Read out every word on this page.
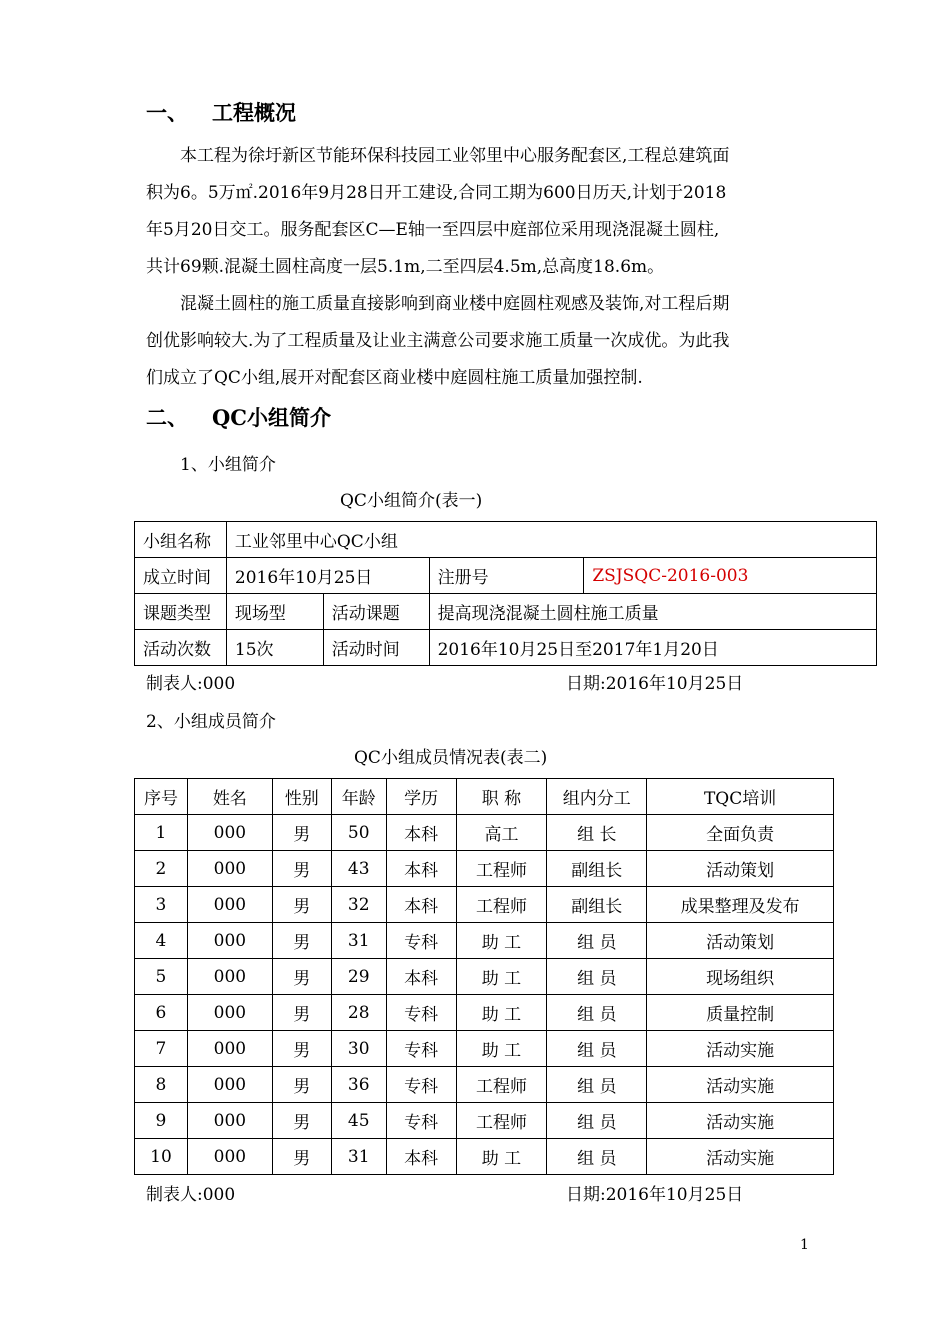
一、 工程概况
本工程为徐圩新区节能环保科技园工业邻里中心服务配套区,工程总建筑面
积为6。5万㎡.2016年9月28日开工建设,合同工期为600日历天,计划于2018
年5月20日交工。服务配套区C—E轴一至四层中庭部位采用现浇混凝土圆柱,
共计69颗.混凝土圆柱高度一层5.1m,二至四层4.5m,总高度18.6m。
混凝土圆柱的施工质量直接影响到商业楼中庭圆柱观感及装饰,对工程后期
创优影响较大.为了工程质量及让业主满意公司要求施工质量一次成优。为此我
们成立了QC小组,展开对配套区商业楼中庭圆柱施工质量加强控制.
二、 QC小组简介
1、小组简介
QC小组简介(表一)
小组名称	工业邻里中心QC小组			
成立时间	2016年10月25日		注册号	ZSJSQC-2016-003
课题类型	现场型	活动课题	提高现浇混凝土圆柱施工质量	
活动次数	15次	活动时间	2016年10月25日至2017年1月20日	
制表人:000	日期:2016年10月25日
2、小组成员简介
QC小组成员情况表(表二)
序号	姓名	性别	年龄	学历	职 称	组内分工	TQC培训
1	000	男	50	本科	高工	组 长	全面负责
2	000	男	43	本科	工程师	副组长	活动策划
3	000	男	32	本科	工程师	副组长	成果整理及发布
4	000	男	31	专科	助 工	组 员	活动策划
5	000	男	29	本科	助 工	组 员	现场组织
6	000	男	28	专科	助 工	组 员	质量控制
7	000	男	30	专科	助 工	组 员	活动实施
8	000	男	36	专科	工程师	组 员	活动实施
9	000	男	45	专科	工程师	组 员	活动实施
10	000	男	31	本科	助 工	组 员	活动实施
制表人:000	日期:2016年10月25日
1
